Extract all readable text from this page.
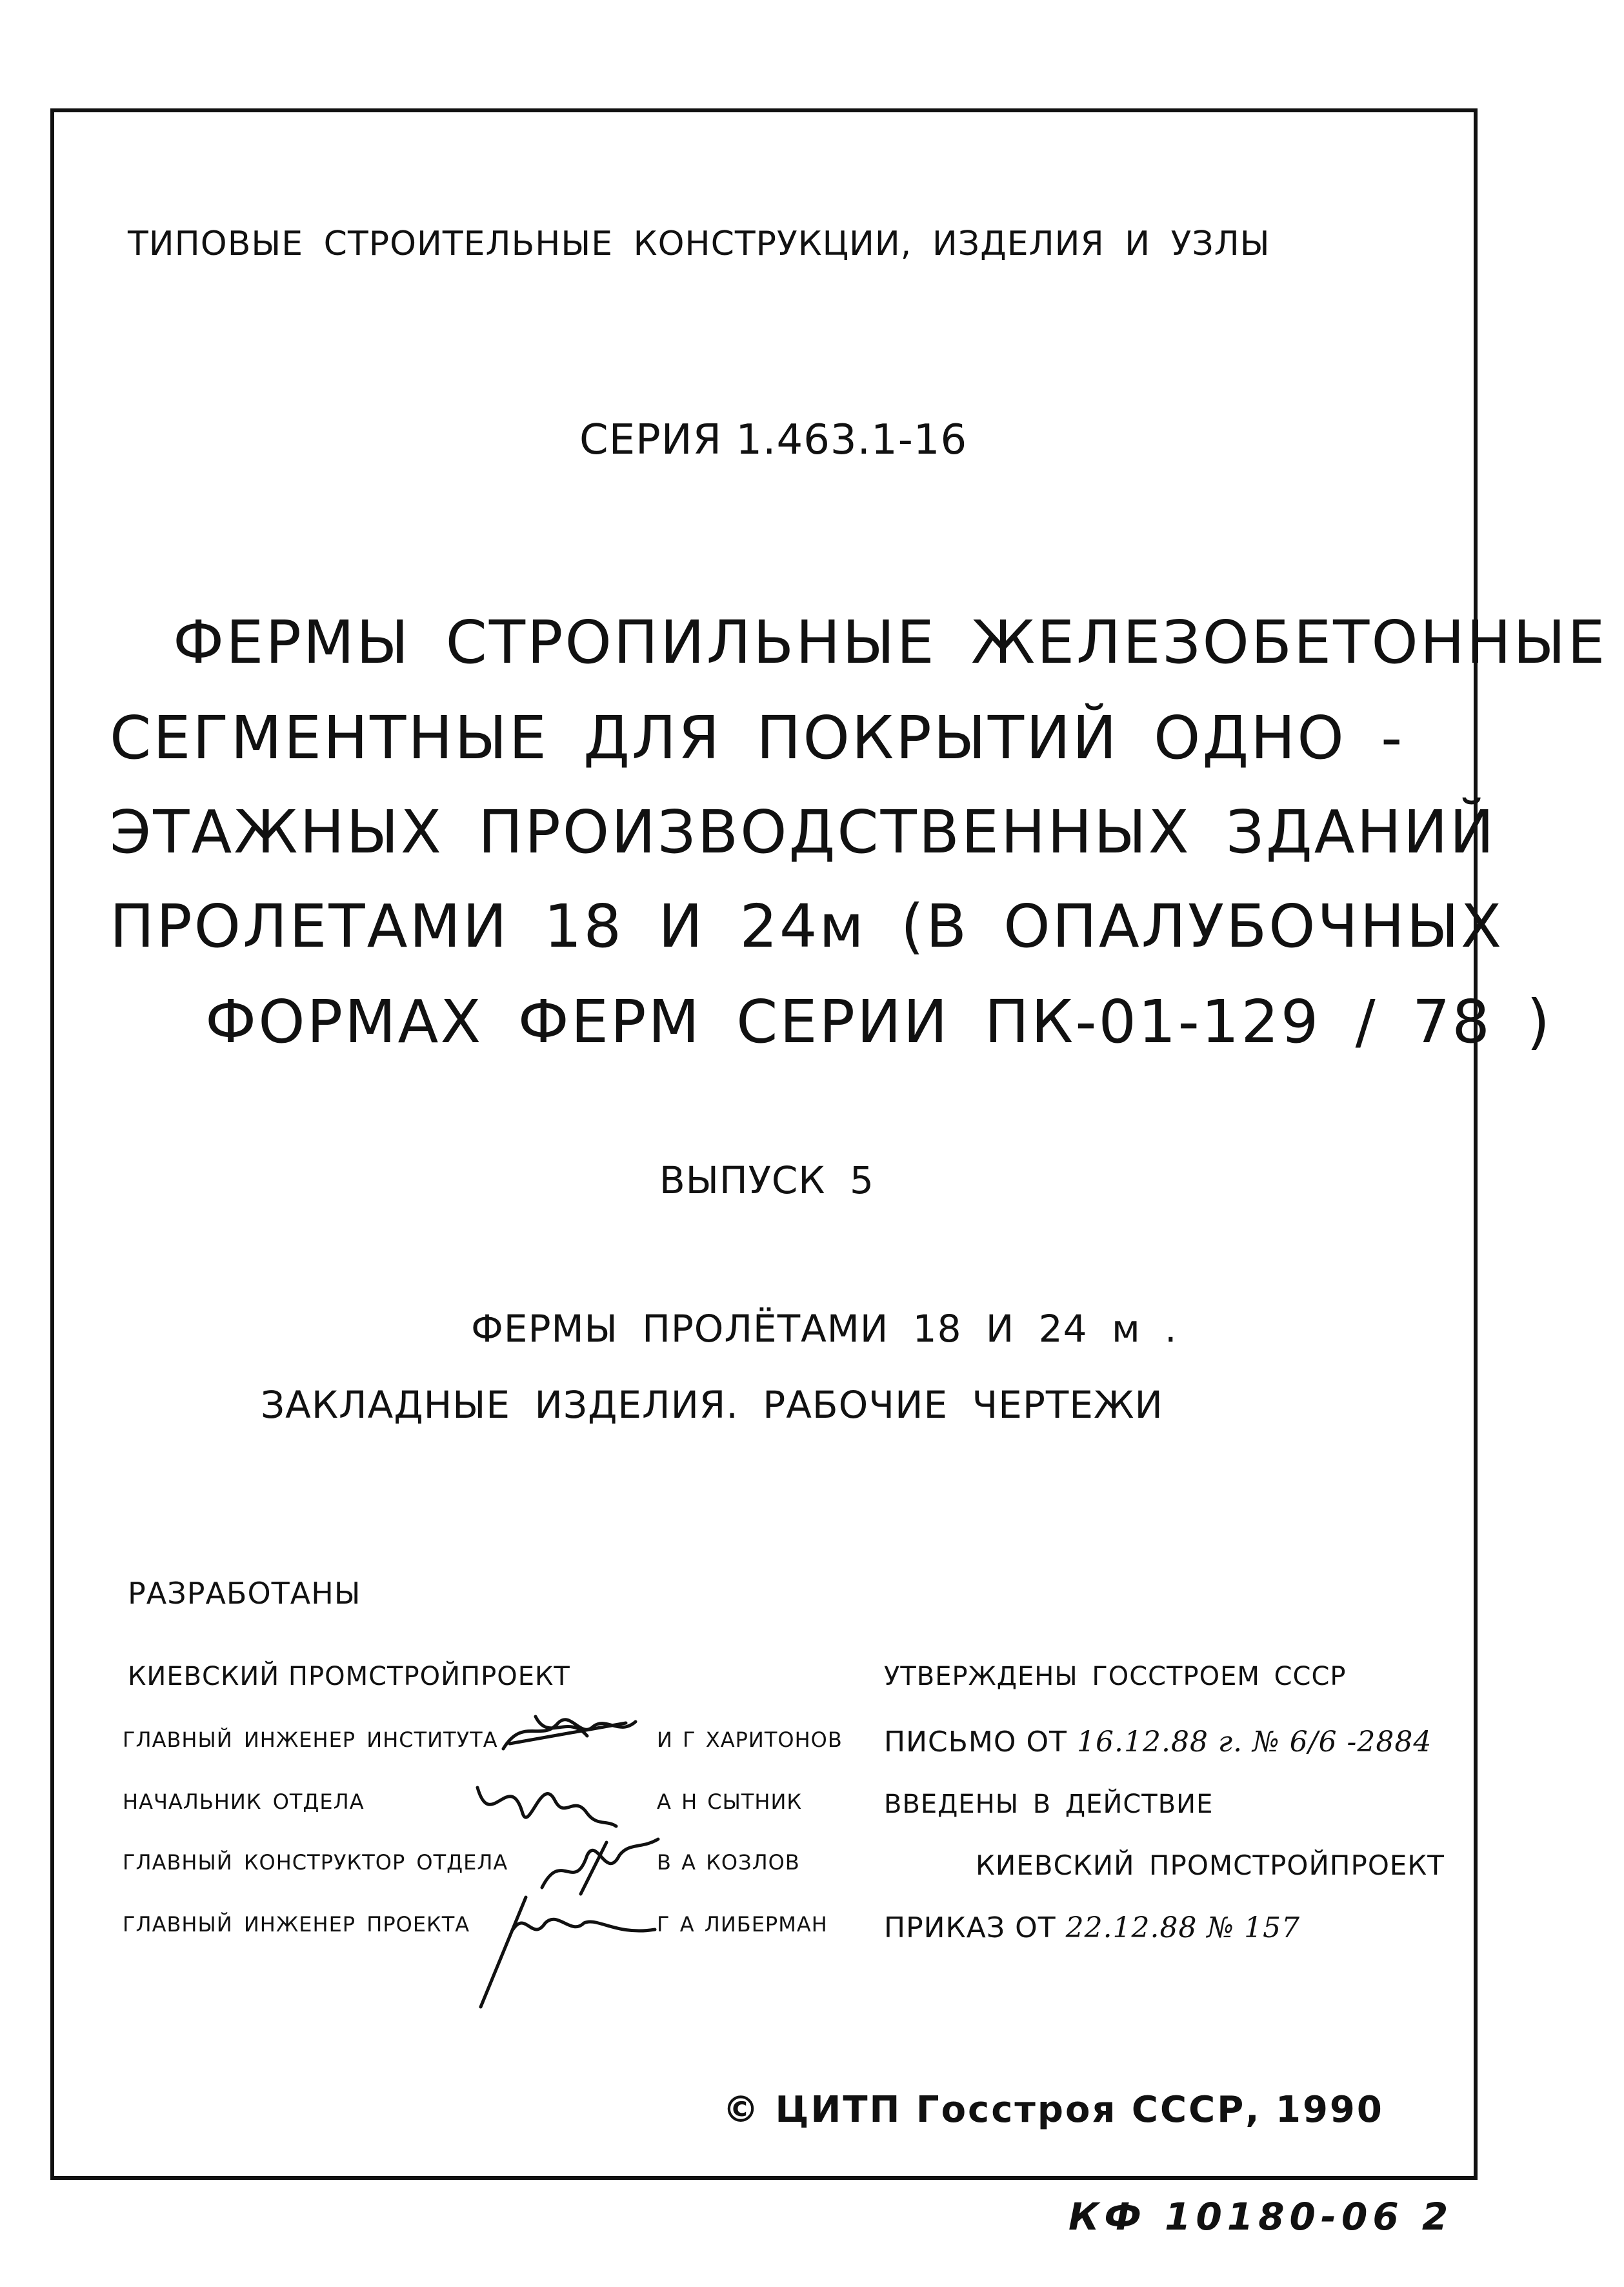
ТИПОВЫЕ СТРОИТЕЛЬНЫЕ КОНСТРУКЦИИ, ИЗДЕЛИЯ И УЗЛЫ
СЕРИЯ 1.463.1-16
ФЕРМЫ СТРОПИЛЬНЫЕ ЖЕЛЕЗОБЕТОННЫЕ
СЕГМЕНТНЫЕ ДЛЯ ПОКРЫТИЙ ОДНО -
ЭТАЖНЫХ ПРОИЗВОДСТВЕННЫХ ЗДАНИЙ
ПРОЛЕТАМИ 18 И 24м (В ОПАЛУБОЧНЫХ
ФОРМАХ ФЕРМ СЕРИИ ПК-01-129 / 78 )
ВЫПУСК 5
ФЕРМЫ ПРОЛЁТАМИ 18 И 24 м .
ЗАКЛАДНЫЕ ИЗДЕЛИЯ. РАБОЧИЕ ЧЕРТЕЖИ
РАЗРАБОТАНЫ
КИЕВСКИЙ ПРОМСТРОЙПРОЕКТ
ГЛАВНЫЙ ИНЖЕНЕР ИНСТИТУТА
НАЧАЛЬНИК ОТДЕЛА
ГЛАВНЫЙ КОНСТРУКТОР ОТДЕЛА
ГЛАВНЫЙ ИНЖЕНЕР ПРОЕКТА
И Г ХАРИТОНОВ
А Н СЫТНИК
В А КОЗЛОВ
Г А ЛИБЕРМАН
УТВЕРЖДЕНЫ ГОССТРОЕМ СССР
ПИСЬМО ОТ 16.12.88 г. № 6/6 -2884
ВВЕДЕНЫ В ДЕЙСТВИЕ
КИЕВСКИЙ ПРОМСТРОЙПРОЕКТ
ПРИКАЗ ОТ 22.12.88 № 157
© ЦИТП Госстроя СССР, 1990
КФ 10180-06 2
